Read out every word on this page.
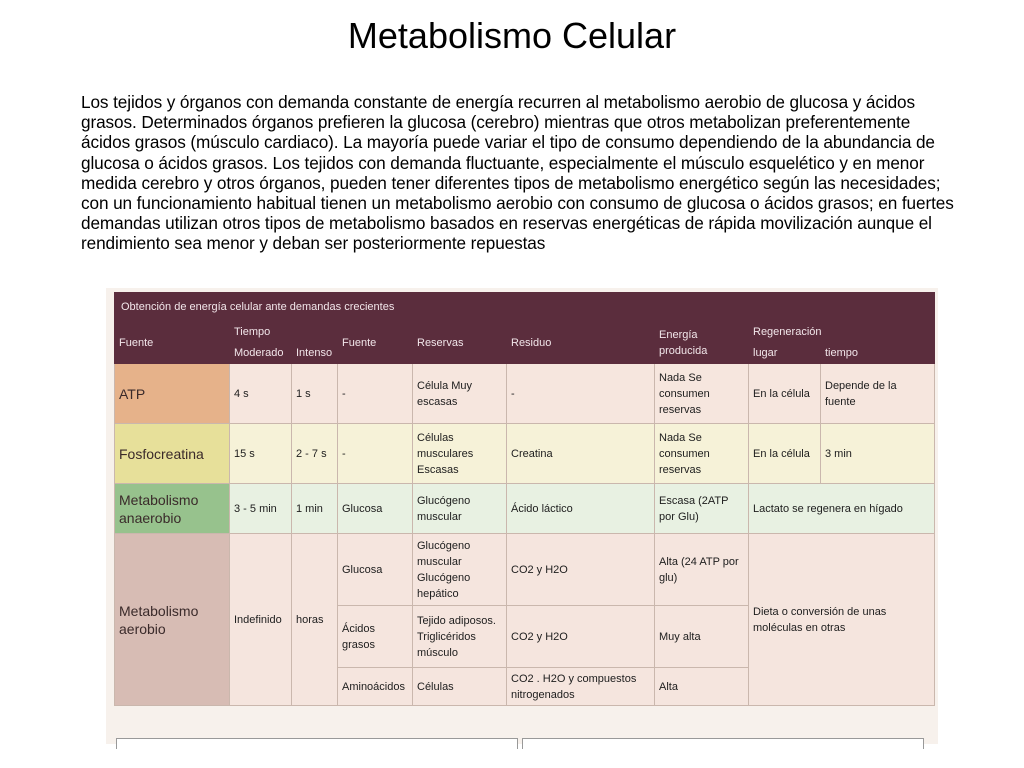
Metabolismo Celular
Los tejidos y órganos con demanda constante de energía recurren al metabolismo aerobio de glucosa y ácidos grasos. Determinados órganos prefieren la glucosa (cerebro) mientras que otros metabolizan preferentemente ácidos grasos (músculo cardiaco). La mayoría puede variar el tipo de consumo dependiendo de la abundancia de glucosa o ácidos grasos. Los tejidos con demanda fluctuante, especialmente el músculo esquelético y en menor medida cerebro y otros órganos, pueden tener diferentes tipos de metabolismo energético según las necesidades; con un funcionamiento habitual tienen un metabolismo aerobio con consumo de glucosa o ácidos grasos; en fuertes demandas utilizan otros tipos de metabolismo basados en reservas energéticas de rápida movilización aunque el rendimiento sea menor y deban ser posteriormente repuestas
Obtención de energía celular ante demandas crecientes								
Fuente	Tiempo		Fuente	Reservas	Residuo	Energía producida	Regeneración	
	Moderado	Intenso					lugar	tiempo
ATP	4 s	1 s	-	Célula Muy escasas	-	Nada Se consumen reservas	En la célula	Depende de la fuente
Fosfocreatina	15 s	2 - 7 s	-	Células musculares Escasas	Creatina	Nada Se consumen reservas	En la célula	3 min
Metabolismo anaerobio	3 - 5 min	1 min	Glucosa	Glucógeno muscular	Ácido láctico	Escasa (2ATP por Glu)	Lactato se regenera en hígado	
Metabolismo aerobio	Indefinido	horas	Glucosa	Glucógeno muscular Glucógeno hepático	CO2 y H2O	Alta (24 ATP por glu)	Dieta o conversión de unas moléculas en otras	
			Ácidos grasos	Tejido adiposos. Triglicéridos músculo	CO2 y H2O	Muy alta		
			Aminoácidos	Células	CO2 . H2O y compuestos nitrogenados	Alta		
